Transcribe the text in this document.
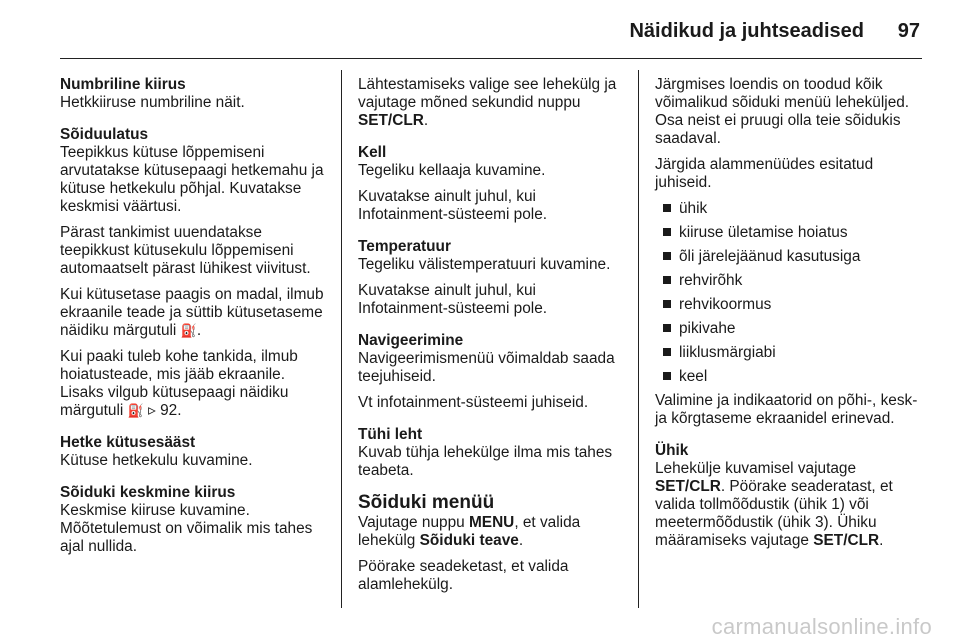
Näidikud ja juhtseadised 97
Numbriline kiirus

Hetkkiiruse numbriline näit.

Sõiduulatus

Teepikkus kütuse lõppemiseni arvutatakse kütusepaagi hetkemahu ja kütuse hetkekulu põhjal. Kuvatakse keskmisi väärtusi.

Pärast tankimist uuendatakse teepikkust kütusekulu lõppemiseni automaatselt pärast lühikest viivitust.

Kui kütusetase paagis on madal, ilmub ekraanile teade ja süttib kütusetaseme näidiku märgutuli ⛽.

Kui paaki tuleb kohe tankida, ilmub hoiatusteade, mis jääb ekraanile. Lisaks vilgub kütusepaagi näidiku märgutuli ⛽ ▹ 92.

Hetke kütusesääst

Kütuse hetkekulu kuvamine.

Sõiduki keskmine kiirus

Keskmise kiiruse kuvamine.

Mõõtetulemust on võimalik mis tahes ajal nullida.

Lähtestamiseks valige see lehekülg ja vajutage mõned sekundid nuppu SET/CLR.

Kell

Tegeliku kellaaja kuvamine.

Kuvatakse ainult juhul, kui Infotainment-süsteemi pole.

Temperatuur

Tegeliku välistemperatuuri kuvamine.

Kuvatakse ainult juhul, kui Infotainment-süsteemi pole.

Navigeerimine

Navigeerimismenüü võimaldab saada teejuhiseid.

Vt infotainment-süsteemi juhiseid.

Tühi leht

Kuvab tühja lehekülge ilma mis tahes teabeta.

Sõiduki menüü

Vajutage nuppu MENU, et valida lehekülg Sõiduki teave.

Pöörake seadeketast, et valida alamlehekülg.

Järgmises loendis on toodud kõik võimalikud sõiduki menüü leheküljed. Osa neist ei pruugi olla teie sõidukis saadaval.

Järgida alammenüüdes esitatud juhiseid.

ühik
kiiruse ületamise hoiatus
õli järelejäänud kasutusiga
rehvirõhk
rehvikoormus
pikivahe
liiklusmärgiabi
keel

Valimine ja indikaatorid on põhi-, kesk- ja kõrgtaseme ekraanidel erinevad.

Ühik

Lehekülje kuvamisel vajutage SET/CLR. Pöörake seaderatast, et valida tollmõõdustik (ühik 1) või meetermõõdustik (ühik 3). Ühiku määramiseks vajutage SET/CLR.

carmanualsonline.info
